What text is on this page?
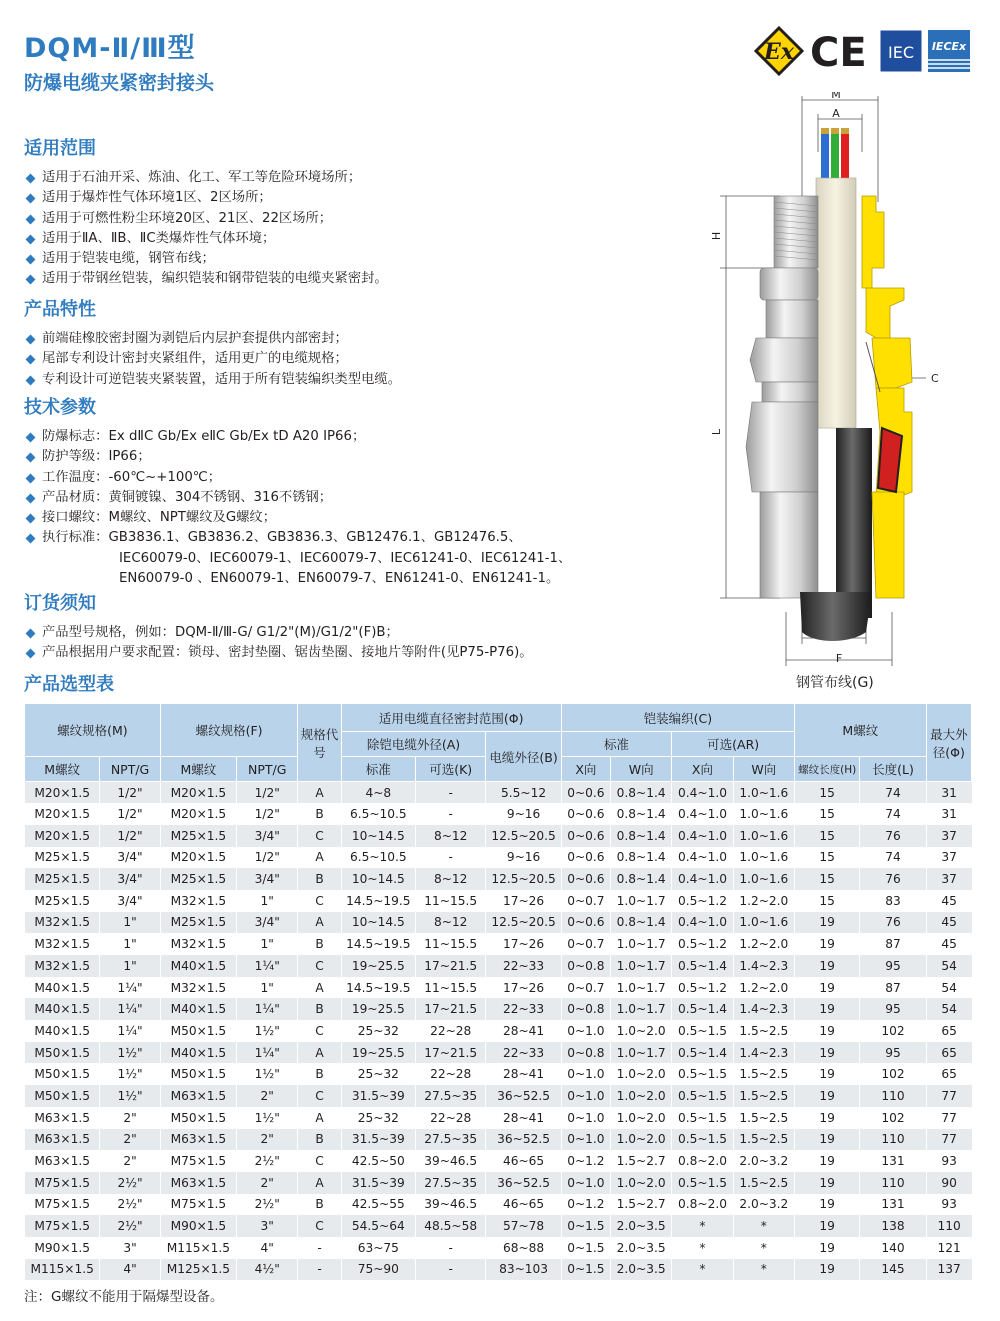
DQM-Ⅱ/Ⅲ型
防爆电缆夹紧密封接头
Ex CE IEC IECEx
适用范围
适用于石油开采、炼油、化工、军工等危险环境场所；
适用于爆炸性气体环境1区、2区场所；
适用于可燃性粉尘环境20区、21区、22区场所；
适用于ⅡA、ⅡB、ⅡC类爆炸性气体环境；
适用于铠装电缆，钢管布线；
适用于带钢丝铠装，编织铠装和钢带铠装的电缆夹紧密封。
产品特性
前端硅橡胶密封圈为剥铠后内层护套提供内部密封；
尾部专利设计密封夹紧组件，适用更广的电缆规格；
专利设计可逆铠装夹紧装置，适用于所有铠装编织类型电缆。
技术参数
防爆标志：Ex dⅡC Gb/Ex eⅡC Gb/Ex tD A20 IP66；
防护等级：IP66；
工作温度：-60℃~+100℃；
产品材质：黄铜镀镍、304不锈钢、316不锈钢；
接口螺纹：M螺纹、NPT螺纹及G螺纹；
执行标准：GB3836.1、GB3836.2、GB3836.3、GB12476.1、GB12476.5、
IEC60079-0、IEC60079-1、IEC60079-7、IEC61241-0、IEC61241-1、
EN60079-0 、EN60079-1、EN60079-7、EN61241-0、EN61241-1。
订货须知
产品型号规格，例如：DQM-Ⅱ/Ⅲ-G/ G1/2"(M)/G1/2"(F)B；
产品根据用户要求配置：锁母、密封垫圈、锯齿垫圈、接地片等附件(见P75-P76)。
产品选型表
M
A
H
L
C
F
钢管布线(G)
螺纹规格(M)		螺纹规格(F)		规格代号	适用电缆直径密封范围(Φ)			铠装编织(C)				M螺纹		最大外径(Φ)
					除铠电缆外径(A)		电缆外径(B)	标准		可选(AR)				
M螺纹	NPT/G	M螺纹	NPT/G		标准	可选(K)		X向	W向	X向	W向	螺纹长度(H)	长度(L)	
M20×1.5	1/2"	M20×1.5	1/2"	A	4~8	-	5.5~12	0~0.6	0.8~1.4	0.4~1.0	1.0~1.6	15	74	31
M20×1.5	1/2"	M20×1.5	1/2"	B	6.5~10.5	-	9~16	0~0.6	0.8~1.4	0.4~1.0	1.0~1.6	15	74	31
M20×1.5	1/2"	M25×1.5	3/4"	C	10~14.5	8~12	12.5~20.5	0~0.6	0.8~1.4	0.4~1.0	1.0~1.6	15	76	37
M25×1.5	3/4"	M20×1.5	1/2"	A	6.5~10.5	-	9~16	0~0.6	0.8~1.4	0.4~1.0	1.0~1.6	15	74	37
M25×1.5	3/4"	M25×1.5	3/4"	B	10~14.5	8~12	12.5~20.5	0~0.6	0.8~1.4	0.4~1.0	1.0~1.6	15	76	37
M25×1.5	3/4"	M32×1.5	1"	C	14.5~19.5	11~15.5	17~26	0~0.7	1.0~1.7	0.5~1.2	1.2~2.0	15	83	45
M32×1.5	1"	M25×1.5	3/4"	A	10~14.5	8~12	12.5~20.5	0~0.6	0.8~1.4	0.4~1.0	1.0~1.6	19	76	45
M32×1.5	1"	M32×1.5	1"	B	14.5~19.5	11~15.5	17~26	0~0.7	1.0~1.7	0.5~1.2	1.2~2.0	19	87	45
M32×1.5	1"	M40×1.5	1¼"	C	19~25.5	17~21.5	22~33	0~0.8	1.0~1.7	0.5~1.4	1.4~2.3	19	95	54
M40×1.5	1¼"	M32×1.5	1"	A	14.5~19.5	11~15.5	17~26	0~0.7	1.0~1.7	0.5~1.2	1.2~2.0	19	87	54
M40×1.5	1¼"	M40×1.5	1¼"	B	19~25.5	17~21.5	22~33	0~0.8	1.0~1.7	0.5~1.4	1.4~2.3	19	95	54
M40×1.5	1¼"	M50×1.5	1½"	C	25~32	22~28	28~41	0~1.0	1.0~2.0	0.5~1.5	1.5~2.5	19	102	65
M50×1.5	1½"	M40×1.5	1¼"	A	19~25.5	17~21.5	22~33	0~0.8	1.0~1.7	0.5~1.4	1.4~2.3	19	95	65
M50×1.5	1½"	M50×1.5	1½"	B	25~32	22~28	28~41	0~1.0	1.0~2.0	0.5~1.5	1.5~2.5	19	102	65
M50×1.5	1½"	M63×1.5	2"	C	31.5~39	27.5~35	36~52.5	0~1.0	1.0~2.0	0.5~1.5	1.5~2.5	19	110	77
M63×1.5	2"	M50×1.5	1½"	A	25~32	22~28	28~41	0~1.0	1.0~2.0	0.5~1.5	1.5~2.5	19	102	77
M63×1.5	2"	M63×1.5	2"	B	31.5~39	27.5~35	36~52.5	0~1.0	1.0~2.0	0.5~1.5	1.5~2.5	19	110	77
M63×1.5	2"	M75×1.5	2½"	C	42.5~50	39~46.5	46~65	0~1.2	1.5~2.7	0.8~2.0	2.0~3.2	19	131	93
M75×1.5	2½"	M63×1.5	2"	A	31.5~39	27.5~35	36~52.5	0~1.0	1.0~2.0	0.5~1.5	1.5~2.5	19	110	90
M75×1.5	2½"	M75×1.5	2½"	B	42.5~55	39~46.5	46~65	0~1.2	1.5~2.7	0.8~2.0	2.0~3.2	19	131	93
M75×1.5	2½"	M90×1.5	3"	C	54.5~64	48.5~58	57~78	0~1.5	2.0~3.5	*	*	19	138	110
M90×1.5	3"	M115×1.5	4"	-	63~75	-	68~88	0~1.5	2.0~3.5	*	*	19	140	121
M115×1.5	4"	M125×1.5	4½"	-	75~90	-	83~103	0~1.5	2.0~3.5	*	*	19	145	137
注：G螺纹不能用于隔爆型设备。
